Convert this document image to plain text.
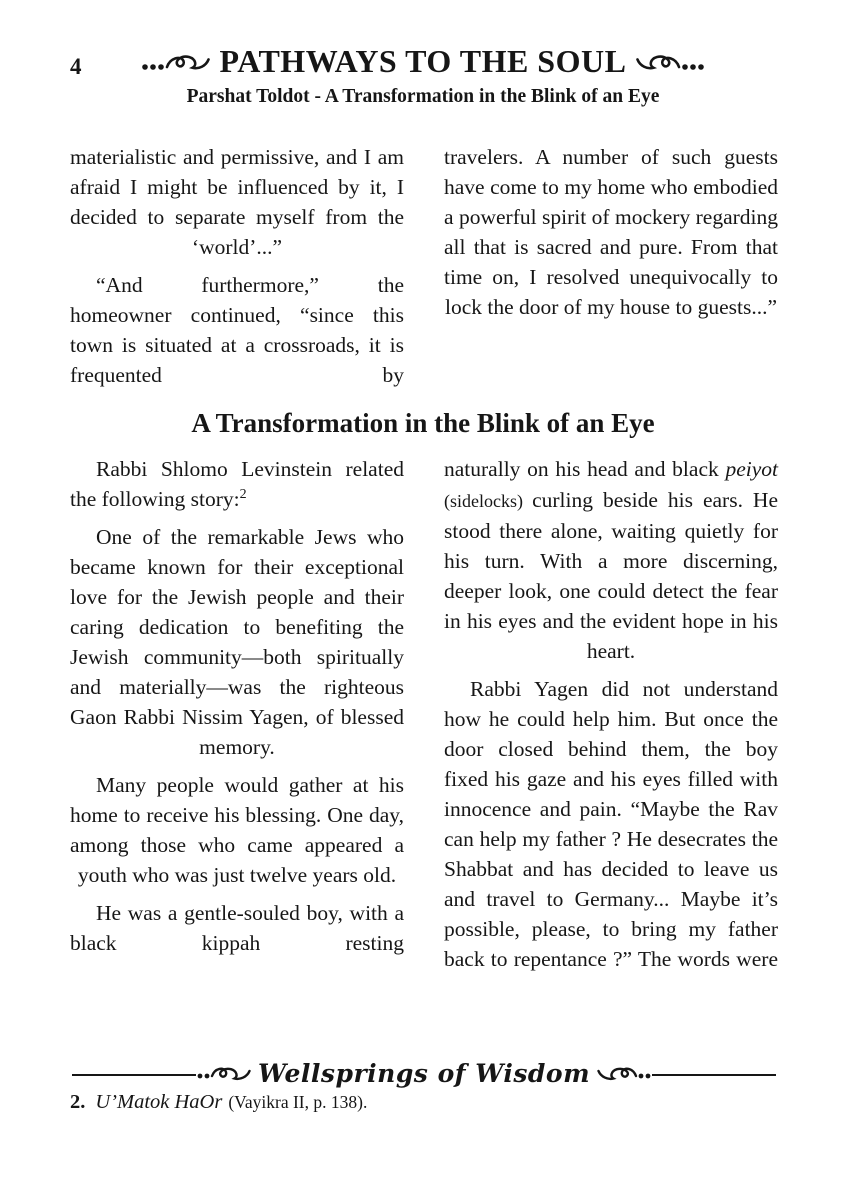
4	PATHWAYS TO THE SOUL
Parshat Toldot - A Transformation in the Blink of an Eye

materialistic and permissive, and I am afraid I might be influenced by it, I decided to separate myself from the ‘world’...”

“And furthermore,” the homeowner continued, “since this town is situated at a crossroads, it is frequented by

travelers. A number of such guests have come to my home who embodied a powerful spirit of mockery regarding all that is sacred and pure. From that time on, I resolved unequivocally to lock the door of my house to guests...”

A Transformation in the Blink of an Eye

Rabbi Shlomo Levinstein related the following story:$^2$

One of the remarkable Jews who became known for their exceptional love for the Jewish people and their caring dedication to benefiting the Jewish community—both spiritually and materially—was the righteous Gaon Rabbi Nissim Yagen, of blessed memory.

Many people would gather at his home to receive his blessing. One day, among those who came appeared a youth who was just twelve years old.

He was a gentle-souled boy, with a black kippah resting

naturally on his head and black peiyot (sidelocks) curling beside his ears. He stood there alone, waiting quietly for his turn. With a more discerning, deeper look, one could detect the fear in his eyes and the evident hope in his heart.

Rabbi Yagen did not understand how he could help him. But once the door closed behind them, the boy fixed his gaze and his eyes filled with innocence and pain. “Maybe the Rav can help my father ? He desecrates the Shabbat and has decided to leave us and travel to Germany... Maybe it’s possible, please, to bring my father back to repentance ?” The words were

Wellsprings of Wisdom
2. U’Matok HaOr (Vayikra II, p. 138).
